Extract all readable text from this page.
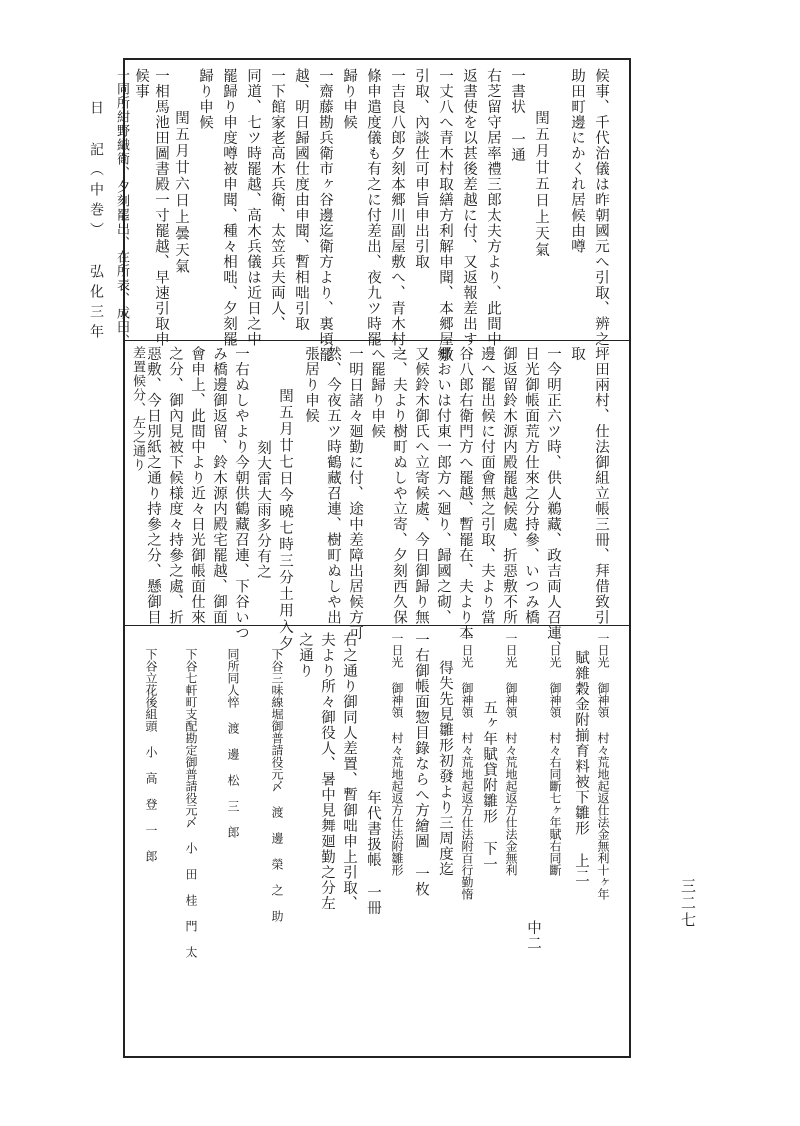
日 記（中巻） 弘化三年	候事、千代治儀は昨朝國元へ引取、辨之
助田町邊にかくれ居候由噂
閏五月廿五日上天氣
一書状 一通
右芝留守居率禮三郎太夫方より、此間中
返書使を以甚後差越に付、又返報差出す
一丈八へ青木村取繕方利解申聞、本郷屋敷
引取、內談仕可申旨申出引取
一吉良八郎夕刻本郷川副屋敷へ、青木村一
條申遣度儀も有之に付差出、夜九ツ時罷
歸り申候
一齋藤勘兵衛市ヶ谷邊迄衛方より、裏頃罷
越、明日歸國仕度由申聞、暫相咄引取
一下館家老高木兵衛、太笠兵夫両人、
同道、七ツ時罷越、高木兵儀は近日之中
罷歸り申度噂被申聞、種々相咄、夕刻罷
歸り申候
閏五月廿六日上曇天氣
一相馬池田圖書殿一寸罷越、早速引取申
候事
一同所紺野織衛、夕刻罷出、在所表、成田、
坪田兩村、仕法御組立帳三冊、拜借致引
取
一今明正六ツ時、供人鵜藏、政吉両人召連、
日光御帳面荒方仕來之分持參、いつみ橋
御返留鈴木源内殿罷越候處、折惡敷不所
邊へ罷出候に付面會無之引取、夫より當
谷八郎右衛門方へ罷越、暫罷在、夫より本
郷おいは付東一郎方へ廻り、歸國之砌、
又候鈴木御氏へ立寄候處、今日御歸り無
之、夫より樹町ぬしや立寄、夕刻西久保
へ罷歸り申候
一明日諸々廻勤に付、途中差障出居候方可
然、今夜五ツ時鶴藏召連、樹町ぬしや出
張居り申候
閏五月廿七日今曉七時三分土用入夕
刻大雷大雨多分有之
一右ぬしやより今朝供鶴藏召連、下谷いつ
み橋邊御返留、鈴木源内殿宅罷越、御面
會申上、此間中より近々日光御帳面仕來
之分、御內見被下候様度々持參之處、折
惡敷、今日別紙之通り持參之分、懸御目
差置候分、左之通り
一日光 御神領 村々荒地起返仕法金無利十ヶ年
賦雜穀金附揃育料被下雛形 上二
一日光 御神領 村々右同斷七ヶ年賦右同斷
中二
一日光 御神領 村々荒地起返方仕法金無利
五ヶ年賦貸附雛形 下一
一日光 御神領 村々荒地起返方仕法附百行勤惰
得失先見雛形初發より三周度迄
一右御帳面惣目錄ならへ方繪圖 一枚
一日光 御神領 村々荒地起返方仕法附雛形
年代書扱帳 一冊
右之通り御同人差置、暫御咄申上引取、
夫より所々御役人、暑中見舞廻勤之分左
之通り
下谷三味線堀御普請役元〆 渡 邊 榮 之 助
同所同人悴 渡 邊 松 三 郎
下谷七軒町支配勘定御普請役元〆 小 田 桂 門 太
下谷立花後組頭 小 高 登 一 郎
三二七
